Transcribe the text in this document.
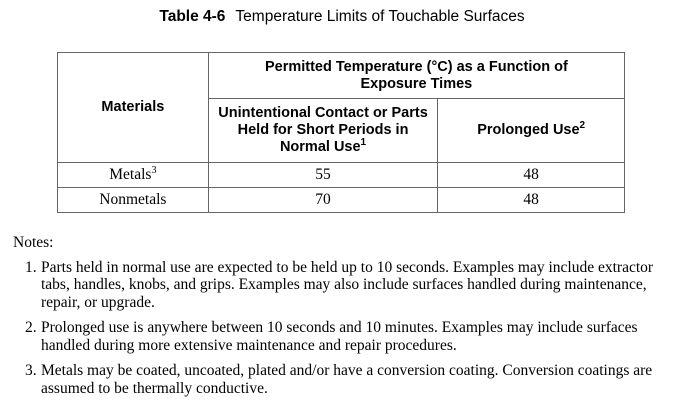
Table 4-6 Temperature Limits of Touchable Surfaces
Materials	Permitted Temperature (°C) as a Function of Exposure Times	
	Unintentional Contact or Parts Held for Short Periods in Normal Use$^1$	Prolonged Use$^2$
Metals$^3$	55	48
Nonmetals	70	48
Notes:
1. Parts held in normal use are expected to be held up to 10 seconds. Examples may include extractor tabs, handles, knobs, and grips. Examples may also include surfaces handled during maintenance, repair, or upgrade.
2. Prolonged use is anywhere between 10 seconds and 10 minutes. Examples may include surfaces handled during more extensive maintenance and repair procedures.
3. Metals may be coated, uncoated, plated and/or have a conversion coating. Conversion coatings are assumed to be thermally conductive.
